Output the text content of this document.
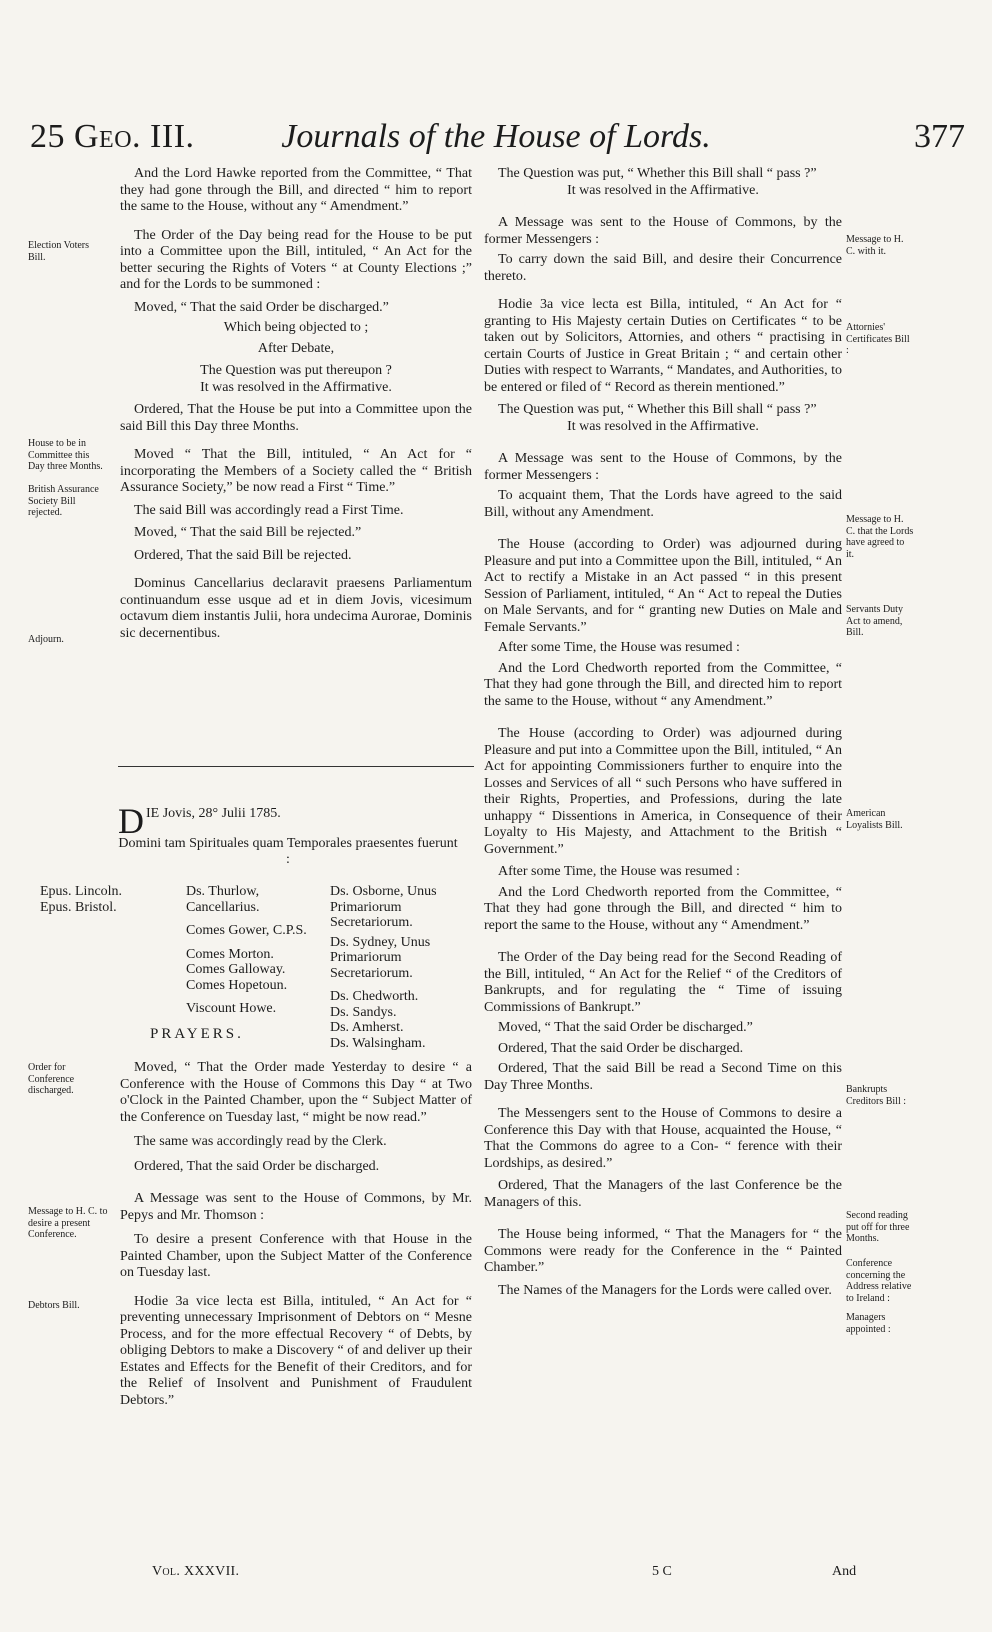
25 Geo. III.	Journals of the House of Lords.	377
Election Voters Bill.
House to be in Committee this Day three Months.
British Assurance Society Bill rejected.
Adjourn.
Order for Conference discharged.
Message to H. C. to desire a present Conference.
Debtors Bill.

And the Lord Hawke reported from the Committee, “ That they had gone through the Bill, and directed “ him to report the same to the House, without any “ Amendment.”

The Order of the Day being read for the House to be put into a Committee upon the Bill, intituled, “ An Act for the better securing the Rights of Voters “ at County Elections ;” and for the Lords to be summoned :

Moved, “ That the said Order be discharged.”

Which being objected to ;

After Debate,

The Question was put thereupon ?

It was resolved in the Affirmative.

Ordered, That the House be put into a Committee upon the said Bill this Day three Months.

Moved “ That the Bill, intituled, “ An Act for “ incorporating the Members of a Society called the “ British Assurance Society,” be now read a First “ Time.”

The said Bill was accordingly read a First Time.

Moved, “ That the said Bill be rejected.”

Ordered, That the said Bill be rejected.

Dominus Cancellarius declaravit praesens Parliamentum continuandum esse usque ad et in diem Jovis, vicesimum octavum diem instantis Julii, hora undecima Aurorae, Dominis sic decernentibus.

D IE Jovis, 28° Julii 1785.
Domini tam Spirituales quam Temporales praesentes fuerunt :
Epus. Lincoln.
Epus. Bristol.
Ds. Thurlow, Cancellarius.
Comes Gower, C.P.S.
Comes Morton.
Comes Galloway.
Comes Hopetoun.
Viscount Howe.
Ds. Osborne, Unus Primariorum Secretariorum.
Ds. Sydney, Unus Primariorum Secretariorum.
Ds. Chedworth.
Ds. Sandys.
Ds. Amherst.
Ds. Walsingham.
PRAYERS.

Moved, “ That the Order made Yesterday to desire “ a Conference with the House of Commons this Day “ at Two o'Clock in the Painted Chamber, upon the “ Subject Matter of the Conference on Tuesday last, “ might be now read.”

The same was accordingly read by the Clerk.

Ordered, That the said Order be discharged.

A Message was sent to the House of Commons, by Mr. Pepys and Mr. Thomson :

To desire a present Conference with that House in the Painted Chamber, upon the Subject Matter of the Conference on Tuesday last.

Hodie 3a vice lecta est Billa, intituled, “ An Act for “ preventing unnecessary Imprisonment of Debtors on “ Mesne Process, and for the more effectual Recovery “ of Debts, by obliging Debtors to make a Discovery “ of and deliver up their Estates and Effects for the Benefit of their Creditors, and for the Relief of Insolvent and Punishment of Fraudulent Debtors.”

The Question was put, “ Whether this Bill shall “ pass ?”

It was resolved in the Affirmative.

A Message was sent to the House of Commons, by the former Messengers :

To carry down the said Bill, and desire their Concurrence thereto.

Hodie 3a vice lecta est Billa, intituled, “ An Act for “ granting to His Majesty certain Duties on Certificates “ to be taken out by Solicitors, Attornies, and others “ practising in certain Courts of Justice in Great Britain ; “ and certain other Duties with respect to Warrants, “ Mandates, and Authorities, to be entered or filed of “ Record as therein mentioned.”

The Question was put, “ Whether this Bill shall “ pass ?”

It was resolved in the Affirmative.

A Message was sent to the House of Commons, by the former Messengers :

To acquaint them, That the Lords have agreed to the said Bill, without any Amendment.

The House (according to Order) was adjourned during Pleasure and put into a Committee upon the Bill, intituled, “ An Act to rectify a Mistake in an Act passed “ in this present Session of Parliament, intituled, “ An “ Act to repeal the Duties on Male Servants, and for “ granting new Duties on Male and Female Servants.”

After some Time, the House was resumed :

And the Lord Chedworth reported from the Committee, “ That they had gone through the Bill, and directed him to report the same to the House, without “ any Amendment.”

The House (according to Order) was adjourned during Pleasure and put into a Committee upon the Bill, intituled, “ An Act for appointing Commissioners further to enquire into the Losses and Services of all “ such Persons who have suffered in their Rights, Properties, and Professions, during the late unhappy “ Dissentions in America, in Consequence of their Loyalty to His Majesty, and Attachment to the British “ Government.”

After some Time, the House was resumed :

And the Lord Chedworth reported from the Committee, “ That they had gone through the Bill, and directed “ him to report the same to the House, without any “ Amendment.”

The Order of the Day being read for the Second Reading of the Bill, intituled, “ An Act for the Relief “ of the Creditors of Bankrupts, and for regulating the “ Time of issuing Commissions of Bankrupt.”

Moved, “ That the said Order be discharged.”

Ordered, That the said Order be discharged.

Ordered, That the said Bill be read a Second Time on this Day Three Months.

The Messengers sent to the House of Commons to desire a Conference this Day with that House, acquainted the House, “ That the Commons do agree to a Con- “ ference with their Lordships, as desired.”

Ordered, That the Managers of the last Conference be the Managers of this.

The House being informed, “ That the Managers for “ the Commons were ready for the Conference in the “ Painted Chamber.”

The Names of the Managers for the Lords were called over.

Message to H. C. with it.
Attornies' Certificates Bill :
Message to H. C. that the Lords have agreed to it.
Servants Duty Act to amend, Bill.
American Loyalists Bill.
Bankrupts Creditors Bill :
Second reading put off for three Months.
Conference concerning the Address relative to Ireland :
Managers appointed :
Vol. XXXVII.	5 C	And
